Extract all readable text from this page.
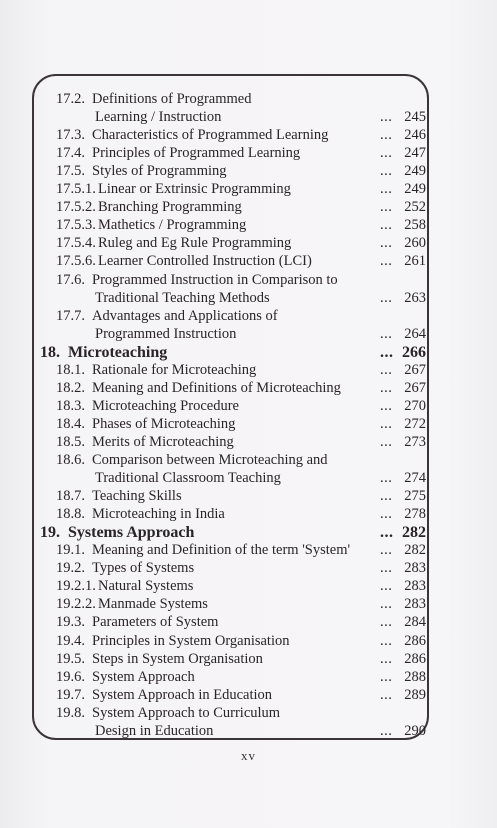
17.2. Definitions of Programmed
Learning / Instruction	... 245
17.3. Characteristics of Programmed Learning	... 246
17.4. Principles of Programmed Learning	... 247
17.5. Styles of Programming	... 249
17.5.1. Linear or Extrinsic Programming	... 249
17.5.2. Branching Programming	... 252
17.5.3. Mathetics / Programming	... 258
17.5.4. Ruleg and Eg Rule Programming	... 260
17.5.6. Learner Controlled Instruction (LCI)	... 261
17.6. Programmed Instruction in Comparison to
Traditional Teaching Methods	... 263
17.7. Advantages and Applications of
Programmed Instruction	... 264
18. Microteaching	... 266
18.1. Rationale for Microteaching	... 267
18.2. Meaning and Definitions of Microteaching	... 267
18.3. Microteaching Procedure	... 270
18.4. Phases of Microteaching	... 272
18.5. Merits of Microteaching	... 273
18.6. Comparison between Microteaching and
Traditional Classroom Teaching	... 274
18.7. Teaching Skills	... 275
18.8. Microteaching in India	... 278
19. Systems Approach	... 282
19.1. Meaning and Definition of the term 'System' ... 282
19.2. Types of Systems	... 283
19.2.1. Natural Systems	... 283
19.2.2. Manmade Systems	... 283
19.3. Parameters of System	... 284
19.4. Principles in System Organisation	... 286
19.5. Steps in System Organisation	... 286
19.6. System Approach	... 288
19.7. System Approach in Education	... 289
19.8. System Approach to Curriculum
Design in Education	... 290
xv
